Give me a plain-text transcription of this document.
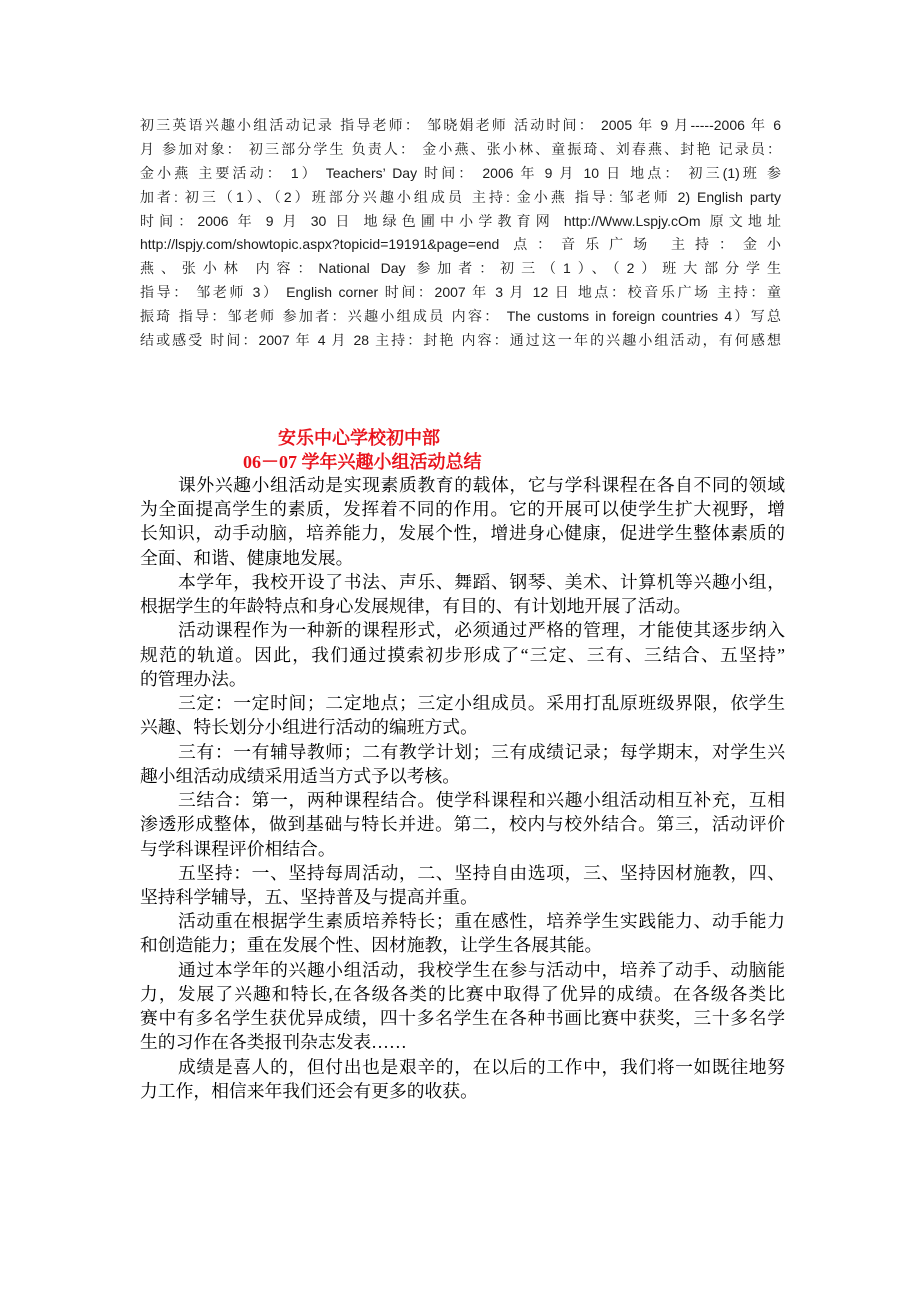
初三英语兴趣小组活动记录 指导老师： 邹晓娟老师 活动时间： 2005 年 9 月-----2006 年 6
月 参加对象： 初三部分学生 负责人： 金小燕、张小林、童振琦、刘春燕、封艳 记录员：
金小燕 主要活动： 1） Teachers’ Day 时间： 2006 年 9 月 10 日 地点： 初三(1)班 参
加者: 初三（1）、（2）班部分兴趣小组成员 主持: 金小燕 指导: 邹老师 2) English party
时间：2006 年 9 月 30 日 地绿色圃中小学教育网 http://Www.Lspjy.cOm 原文地址
http://lspjy.com/showtopic.aspx?topicid=19191&page=end 点：音乐广场 主持：金小
燕、张小林 内容：National Day 参加者：初三（1）、（2）班大部分学生
指导： 邹老师 3） English corner 时间：2007 年 3 月 12 日 地点：校音乐广场 主持：童
振琦 指导：邹老师 参加者：兴趣小组成员 内容： The customs in foreign countries 4）写总
结或感受 时间：2007 年 4 月 28 主持：封艳 内容：通过这一年的兴趣小组活动，有何感想
安乐中心学校初中部
06－07 学年兴趣小组活动总结
课外兴趣小组活动是实现素质教育的载体，它与学科课程在各自不同的领域
为全面提高学生的素质，发挥着不同的作用。它的开展可以使学生扩大视野，增
长知识，动手动脑，培养能力，发展个性，增进身心健康，促进学生整体素质的
全面、和谐、健康地发展。
本学年，我校开设了书法、声乐、舞蹈、钢琴、美术、计算机等兴趣小组，
根据学生的年龄特点和身心发展规律，有目的、有计划地开展了活动。
活动课程作为一种新的课程形式，必须通过严格的管理，才能使其逐步纳入
规范的轨道。因此，我们通过摸索初步形成了“三定、三有、三结合、五坚持”
的管理办法。
三定：一定时间；二定地点；三定小组成员。采用打乱原班级界限，依学生
兴趣、特长划分小组进行活动的编班方式。
三有：一有辅导教师；二有教学计划；三有成绩记录；每学期末，对学生兴
趣小组活动成绩采用适当方式予以考核。
三结合：第一，两种课程结合。使学科课程和兴趣小组活动相互补充，互相
渗透形成整体，做到基础与特长并进。第二，校内与校外结合。第三，活动评价
与学科课程评价相结合。
五坚持：一、坚持每周活动，二、坚持自由选项，三、坚持因材施教，四、
坚持科学辅导，五、坚持普及与提高并重。
活动重在根据学生素质培养特长；重在感性，培养学生实践能力、动手能力
和创造能力；重在发展个性、因材施教，让学生各展其能。
通过本学年的兴趣小组活动，我校学生在参与活动中，培养了动手、动脑能
力，发展了兴趣和特长,在各级各类的比赛中取得了优异的成绩。在各级各类比
赛中有多名学生获优异成绩，四十多名学生在各种书画比赛中获奖，三十多名学
生的习作在各类报刊杂志发表……
成绩是喜人的，但付出也是艰辛的，在以后的工作中，我们将一如既往地努
力工作，相信来年我们还会有更多的收获。
